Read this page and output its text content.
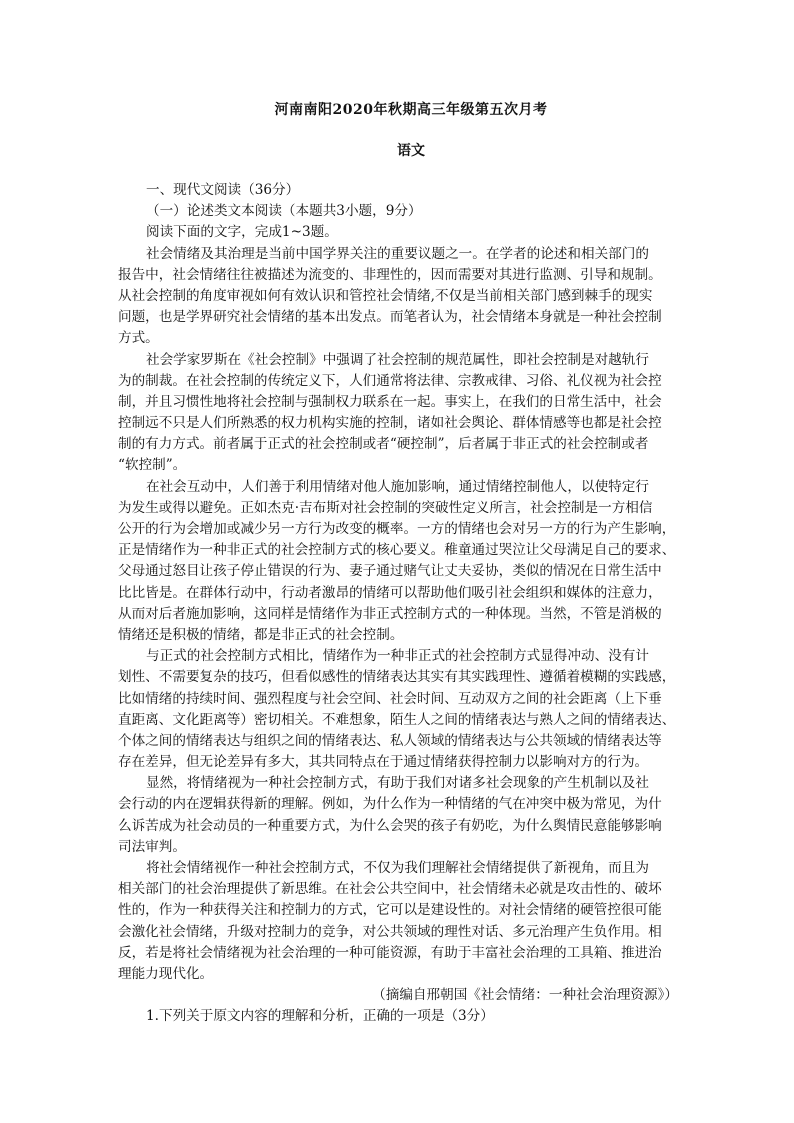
河南南阳2020年秋期高三年级第五次月考
语文
一、现代文阅读（36分）
（一）论述类文本阅读（本题共3小题，9分）
阅读下面的文字，完成1~3题。
社会情绪及其治理是当前中国学界关注的重要议题之一。在学者的论述和相关部门的
报告中，社会情绪往往被描述为流变的、非理性的，因而需要对其进行监测、引导和规制。
从社会控制的角度审视如何有效认识和管控社会情绪,不仅是当前相关部门感到棘手的现实
问题，也是学界研究社会情绪的基本出发点。而笔者认为，社会情绪本身就是一种社会控制
方式。
社会学家罗斯在《社会控制》中强调了社会控制的规范属性，即社会控制是对越轨行
为的制裁。在社会控制的传统定义下，人们通常将法律、宗教戒律、习俗、礼仪视为社会控
制，并且习惯性地将社会控制与强制权力联系在一起。事实上，在我们的日常生活中，社会
控制远不只是人们所熟悉的权力机构实施的控制，诸如社会舆论、群体情感等也都是社会控
制的有力方式。前者属于正式的社会控制或者“硬控制”，后者属于非正式的社会控制或者
“软控制”。
在社会互动中，人们善于利用情绪对他人施加影响，通过情绪控制他人，以使特定行
为发生或得以避免。正如杰克·吉布斯对社会控制的突破性定义所言，社会控制是一方相信
公开的行为会增加或减少另一方行为改变的概率。一方的情绪也会对另一方的行为产生影响，
正是情绪作为一种非正式的社会控制方式的核心要义。稚童通过哭泣让父母满足自己的要求、
父母通过怒目让孩子停止错误的行为、妻子通过赌气让丈夫妥协，类似的情况在日常生活中
比比皆是。在群体行动中，行动者激昂的情绪可以帮助他们吸引社会组织和媒体的注意力，
从而对后者施加影响，这同样是情绪作为非正式控制方式的一种体现。当然，不管是消极的
情绪还是积极的情绪，都是非正式的社会控制。
与正式的社会控制方式相比，情绪作为一种非正式的社会控制方式显得冲动、没有计
划性、不需要复杂的技巧，但看似感性的情绪表达其实有其实践理性、遵循着模糊的实践感，
比如情绪的持续时间、强烈程度与社会空间、社会时间、互动双方之间的社会距离（上下垂
直距离、文化距离等）密切相关。不难想象，陌生人之间的情绪表达与熟人之间的情绪表达、
个体之间的情绪表达与组织之间的情绪表达、私人领域的情绪表达与公共领域的情绪表达等
存在差异，但无论差异有多大，其共同特点在于通过情绪获得控制力以影响对方的行为。
显然，将情绪视为一种社会控制方式，有助于我们对诸多社会现象的产生机制以及社
会行动的内在逻辑获得新的理解。例如，为什么作为一种情绪的气在冲突中极为常见，为什
么诉苦成为社会动员的一种重要方式，为什么会哭的孩子有奶吃，为什么舆情民意能够影响
司法审判。
将社会情绪视作一种社会控制方式，不仅为我们理解社会情绪提供了新视角，而且为
相关部门的社会治理提供了新思维。在社会公共空间中，社会情绪未必就是攻击性的、破坏
性的，作为一种获得关注和控制力的方式，它可以是建设性的。对社会情绪的硬管控很可能
会激化社会情绪，升级对控制力的竞争，对公共领域的理性对话、多元治理产生负作用。相
反，若是将社会情绪视为社会治理的一种可能资源，有助于丰富社会治理的工具箱、推进治
理能力现代化。
（摘编自邢朝国《社会情绪：一种社会治理资源》）
1.下列关于原文内容的理解和分析，正确的一项是（3分）
